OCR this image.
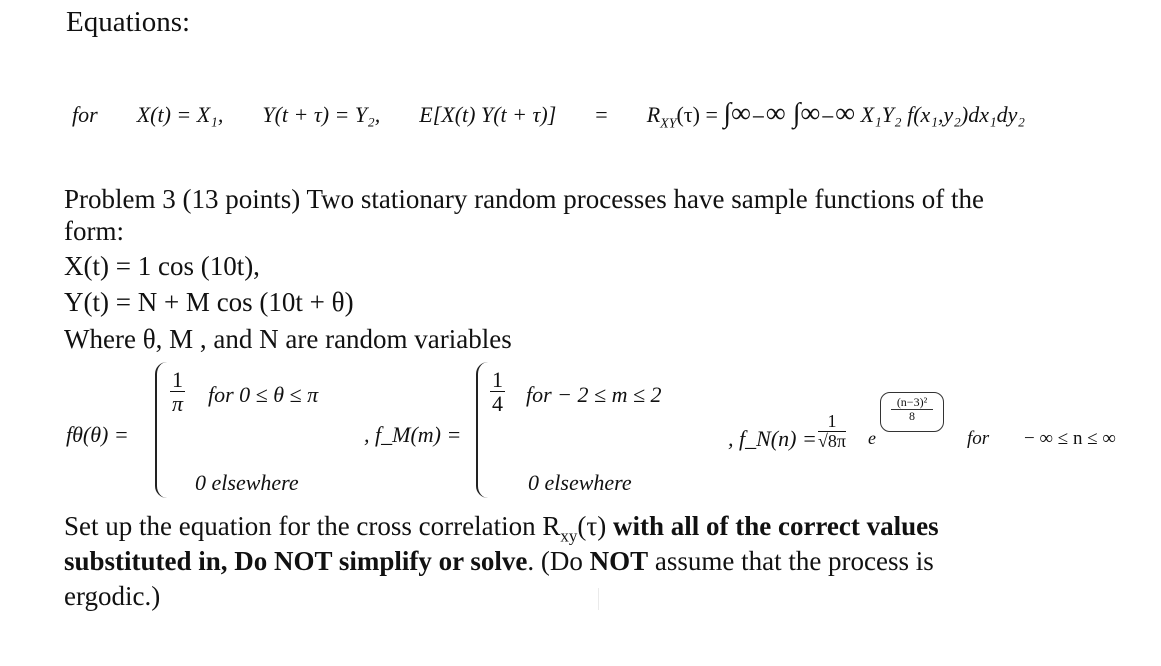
Equations:
for X(t) = X₁, Y(t + τ) = Y₂, E[X(t) $Y(t + \tau)] = R_{XY}(\tau)$ = ∫∞₋∞ ∫∞₋∞ X₁Y₂ f(x₁,y₂)dx₁dy₂
Problem 3 (13 points) Two stationary random processes have sample functions of the
form:
X(t) = 1 cos (10t),
Y(t) = N + M cos (10t + θ)
Where θ, M , and N are random variables
fθ(θ) =
$\frac{1}{\pi}$ for 0 ≤ θ ≤ π
0 elsewhere
, f_M(m) =
$\frac{1}{4}$ for − 2 ≤ m ≤ 2
0 elsewhere
, f_N(n) = $\frac{1}{√8\pi}$ e
(n−3)²
8
for − ∞ ≤ n ≤ ∞
Set up the equation for the cross correlation $R_{xy}(\tau)$ with all of the correct values
substituted in, Do NOT simplify or solve. (Do NOT assume that the process is
ergodic.)
